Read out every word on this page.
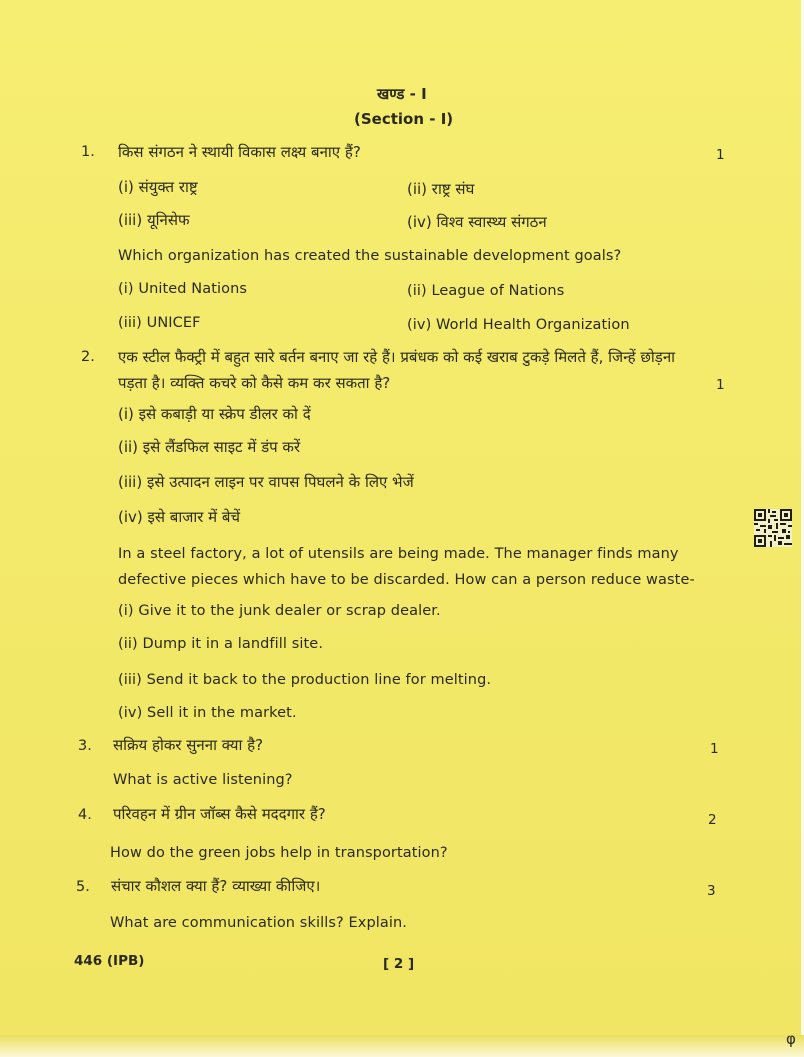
खण्ड - I
(Section - I)
1. किस संगठन ने स्थायी विकास लक्ष्य बनाए हैं?	1
(i) संयुक्त राष्ट्र	(ii) राष्ट्र संघ
(iii) यूनिसेफ	(iv) विश्व स्वास्थ्य संगठन
Which organization has created the sustainable development goals?
(i) United Nations	(ii) League of Nations
(iii) UNICEF	(iv) World Health Organization
2. एक स्टील फैक्ट्री में बहुत सारे बर्तन बनाए जा रहे हैं। प्रबंधक को कई खराब टुकड़े मिलते हैं, जिन्हें छोड़ना
पड़ता है। व्यक्ति कचरे को कैसे कम कर सकता है?	1
(i) इसे कबाड़ी या स्क्रेप डीलर को दें
(ii) इसे लैंडफिल साइट में डंप करें
(iii) इसे उत्पादन लाइन पर वापस पिघलने के लिए भेजें
(iv) इसे बाजार में बेचें
In a steel factory, a lot of utensils are being made. The manager finds many
defective pieces which have to be discarded. How can a person reduce waste-
(i) Give it to the junk dealer or scrap dealer.
(ii) Dump it in a landfill site.
(iii) Send it back to the production line for melting.
(iv) Sell it in the market.
3. सक्रिय होकर सुनना क्या है?	1
What is active listening?
4. परिवहन में ग्रीन जॉब्स कैसे मददगार हैं?	2
How do the green jobs help in transportation?
5. संचार कौशल क्या हैं? व्याख्या कीजिए।	3
What are communication skills? Explain.
446 (IPB)	[ 2 ]
φ
